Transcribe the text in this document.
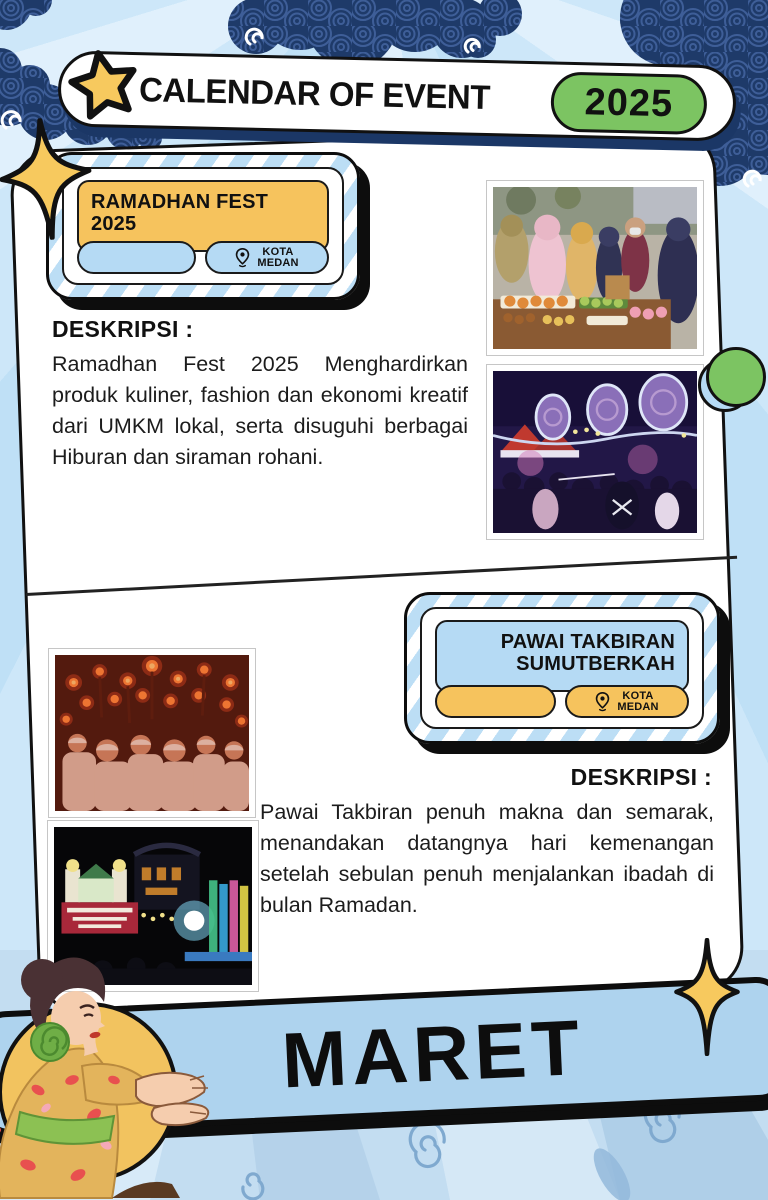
CALENDAR OF EVENT	2025
RAMADHAN FEST
2025
KOTA
MEDAN
DESKRIPSI :
Ramadhan Fest 2025 Menghardirkan produk kuliner, fashion dan ekonomi kreatif dari UMKM lokal, serta disuguhi berbagai Hiburan dan siraman rohani.
PAWAI TAKBIRAN
SUMUTBERKAH
KOTA
MEDAN
DESKRIPSI :
Pawai Takbiran penuh makna dan semarak, menandakan datangnya hari kemenangan setelah sebulan penuh menjalankan ibadah di bulan Ramadan.
MARET
